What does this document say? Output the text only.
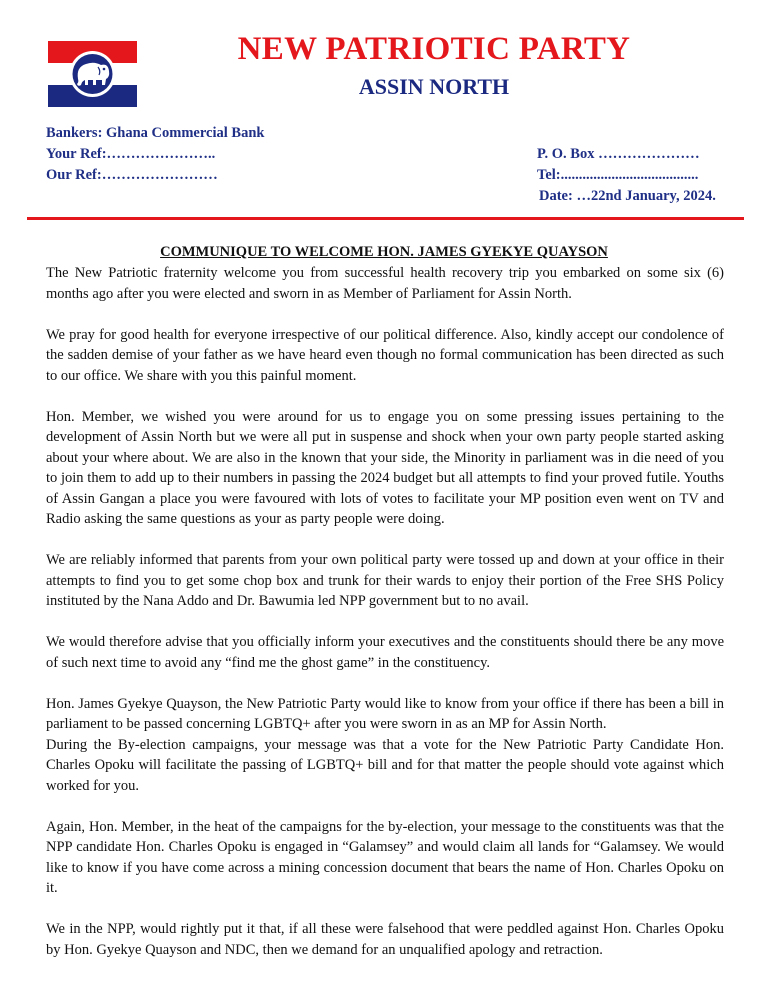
NEW PATRIOTIC PARTY
ASSIN NORTH
Bankers: Ghana Commercial Bank
Your Ref:…………………..
Our Ref:……………………
P. O. Box …………………
Tel:......................................
Date: …22nd January, 2024.
COMMUNIQUE TO WELCOME HON. JAMES GYEKYE QUAYSON

The New Patriotic fraternity welcome you from successful health recovery trip you embarked on some six (6) months ago after you were elected and sworn in as Member of Parliament for Assin North.

We pray for good health for everyone irrespective of our political difference. Also, kindly accept our condolence of the sadden demise of your father as we have heard even though no formal communication has been directed as such to our office. We share with you this painful moment.

Hon. Member, we wished you were around for us to engage you on some pressing issues pertaining to the development of Assin North but we were all put in suspense and shock when your own party people started asking about your where about. We are also in the known that your side, the Minority in parliament was in die need of you to join them to add up to their numbers in passing the 2024 budget but all attempts to find your proved futile. Youths of Assin Gangan a place you were favoured with lots of votes to facilitate your MP position even went on TV and Radio asking the same questions as your as party people were doing.

We are reliably informed that parents from your own political party were tossed up and down at your office in their attempts to find you to get some chop box and trunk for their wards to enjoy their portion of the Free SHS Policy instituted by the Nana Addo and Dr. Bawumia led NPP government but to no avail.

We would therefore advise that you officially inform your executives and the constituents should there be any move of such next time to avoid any “find me the ghost game” in the constituency.

Hon. James Gyekye Quayson, the New Patriotic Party would like to know from your office if there has been a bill in parliament to be passed concerning LGBTQ+ after you were sworn in as an MP for Assin North.

During the By-election campaigns, your message was that a vote for the New Patriotic Party Candidate Hon. Charles Opoku will facilitate the passing of LGBTQ+ bill and for that matter the people should vote against which worked for you.

Again, Hon. Member, in the heat of the campaigns for the by-election, your message to the constituents was that the NPP candidate Hon. Charles Opoku is engaged in “Galamsey” and would claim all lands for “Galamsey. We would like to know if you have come across a mining concession document that bears the name of Hon. Charles Opoku on it.

We in the NPP, would rightly put it that, if all these were falsehood that were peddled against Hon. Charles Opoku by Hon. Gyekye Quayson and NDC, then we demand for an unqualified apology and retraction.
